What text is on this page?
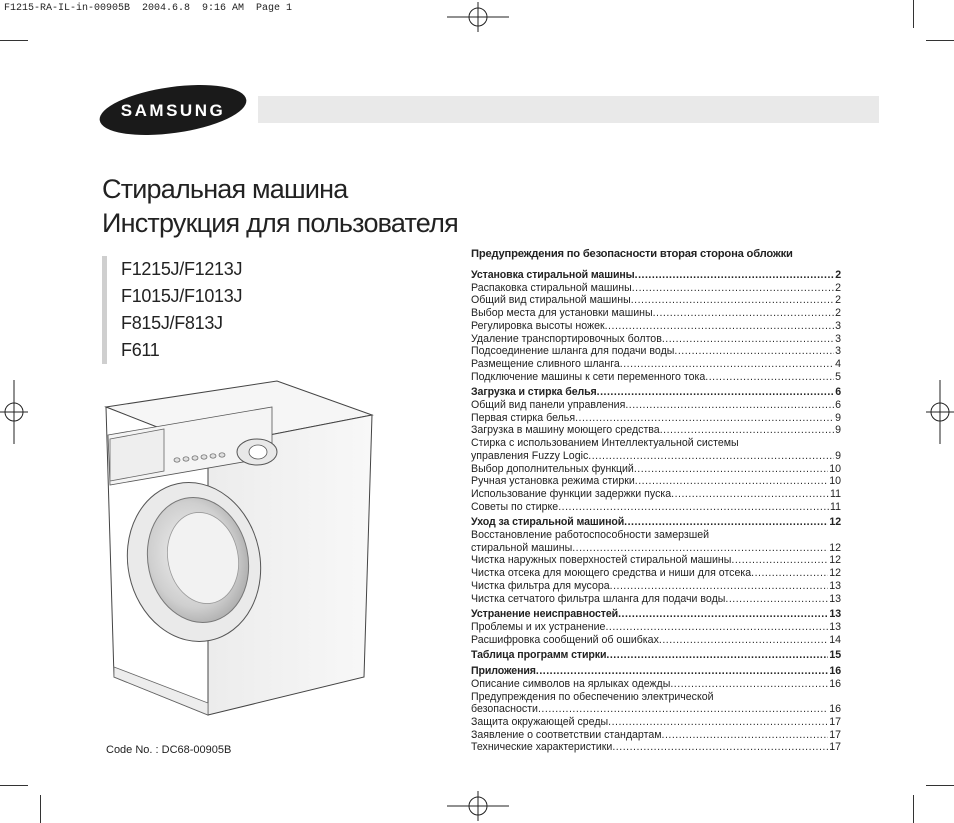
F1215-RA-IL-in-00905B  2004.6.8  9:16 AM  Page 1
SAMSUNG
Стиральная машина
Инструкция для пользователя
F1215J/F1213J
F1015J/F1013J
F815J/F813J
F611
Code No. : DC68-00905B
Предупреждения по безопасности вторая сторона обложки
Установка стиральной машины .....	2
Распаковка стиральной машины .....	2
Общий вид стиральной машины .....	2
Выбор места для установки машины .....	2
Регулировка высоты ножек .....	3
Удаление транспортировочных болтов .....	3
Подсоединение шланга для подачи воды .....	3
Размещение сливного шланга .....	4
Подключение машины к сети переменного тока .....	5
Загрузка и стирка белья .....	6
Общий вид панели управления .....	6
Первая стирка белья .....	9
Загрузка в машину моющего средства .....	9
Стирка с использованием Интеллектуальной системы
управления Fuzzy Logic .....	9
Выбор дополнительных функций .....	10
Ручная установка режима стирки .....	10
Использование функции задержки пуска .....	11
Советы по стирке .....	11
Уход за стиральной машиной .....	12
Восстановление работоспособности замерзшей
стиральной машины .....	12
Чистка наружных поверхностей стиральной машины .....	12
Чистка отсека для моющего средства и ниши для отсека .....	12
Чистка фильтра для мусора .....	13
Чистка сетчатого фильтра шланга для подачи воды .....	13
Устранение неисправностей .....	13
Проблемы и их устранение .....	13
Расшифровка сообщений об ошибках .....	14
Таблица программ стирки .....	15
Приложения .....	16
Описание символов на ярлыках одежды .....	16
Предупреждения по обеспечению электрической
безопасности .....	16
Защита окружающей среды .....	17
Заявление о соответствии стандартам .....	17
Технические характеристики .....	17
